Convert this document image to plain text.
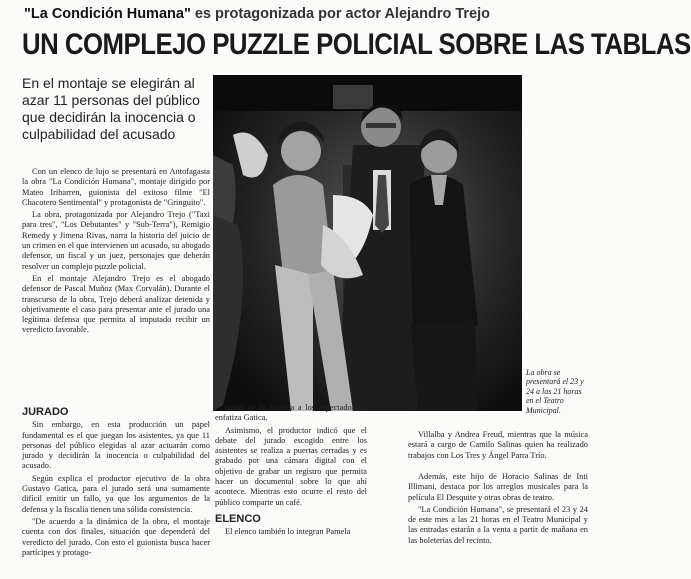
"La Condición Humana" es protagonizada por actor Alejandro Trejo
UN COMPLEJO PUZZLE POLICIAL SOBRE LAS TABLAS
En el montaje se elegirán al azar 11 personas del público que decidirán la inocencia o culpabilidad del acusado

Con un elenco de lujo se presentará en Antofagasta la obra "La Condición Humana", montaje dirigido por Mateo Iribarren, guionista del exitoso filme "El Chacotero Sentimental" y protagonista de "Gringuito".

La obra, protagonizada por Alejandro Trejo ("Taxi para tres", "Los Debutantes" y "Sub-Terra"), Remigio Remedy y Jimena Rivas, narra la historia del juicio de un crimen en el que intervienen un acusado, su abogado defensor, un fiscal y un juez, personajes que deberán resolver un complejo puzzle policial.

En el montaje Alejandro Trejo es el abogado defensor de Pascal Muñoz (Max Corvalán). Durante el transcurso de la obra, Trejo deberá analizar detenida y objetivamente el caso para presentar ante el jurado una legítima defensa que permita al imputado recibir un veredicto favorable.

JURADO

Sin embargo, en esta producción un papel fundamental es el que juegan los asistentes, ya que 11 personas del público elegidas al azar actuarán como jurado y decidirán la inocencia o culpabilidad del acusado.

Según explica el productor ejecutivo de la obra Gustavo Gatica, para el jurado será una sumamente difícil emitir un fallo, ya que los argumentos de la defensa y la fiscalía tienen una sólida consistencia.

"De acuerdo a la dinámica de la obra, el montaje cuenta con dos finales, situación que dependerá del veredicto del jurado. Con esto el guionista busca hacer partícipes y protago-

La obra se presentará el 23 y 24 a las 21 horas en el Teatro Municipal.

nistas de la historia a los espectadores", enfatiza Gatica.

Asimismo, el productor indicó que el debate del jurado escogido entre los asistentes se realiza a puertas cerradas y es grabado por una cámara digital con el objetivo de grabar un registro que permita hacer un documental sobre lo que ahí acontece. Mientras esto ocurre el resto del público comparte un café.

ELENCO

El elenco también lo integran Pamela

Villalba y Andrea Freud, mientras que la música estará a cargo de Camilo Salinas quien ha realizado trabajos con Los Tres y Ángel Parra Trío.

Además, este hijo de Horacio Salinas de Inti Illimani, destaca por los arreglos musicales para la película El Desquite y otras obras de teatro.

"La Condición Humana", se presentará el 23 y 24 de este mes a las 21 horas en el Teatro Municipal y las entradas estarán a la venta a partir de mañana en las boleterías del recinto.
